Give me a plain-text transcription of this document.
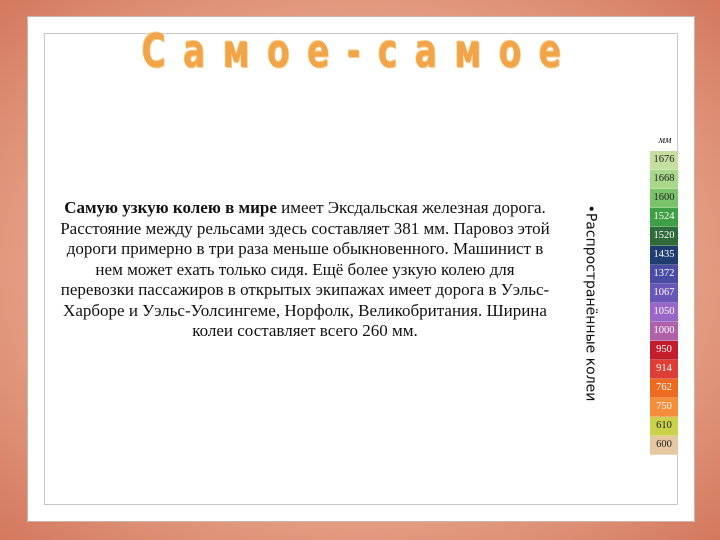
Самое-самое
Самую узкую колею в мире имеет Эксдальская железная дорога. Расстояние между рельсами здесь составляет 381 мм. Паровоз этой дороги примерно в три раза меньше обыкновенного. Машинист в нем может ехать только сидя. Ещё более узкую колею для перевозки пассажиров в открытых экипажах имеет дорога в Уэльс-Харборе и Уэльс-Уолсингеме, Норфолк, Великобритания. Ширина колеи составляет всего 260 мм.	•Распространённые колеи
мм
1676
1668
1600
1524
1520
1435
1372
1067
1050
1000
950
914
762
750
610
600
